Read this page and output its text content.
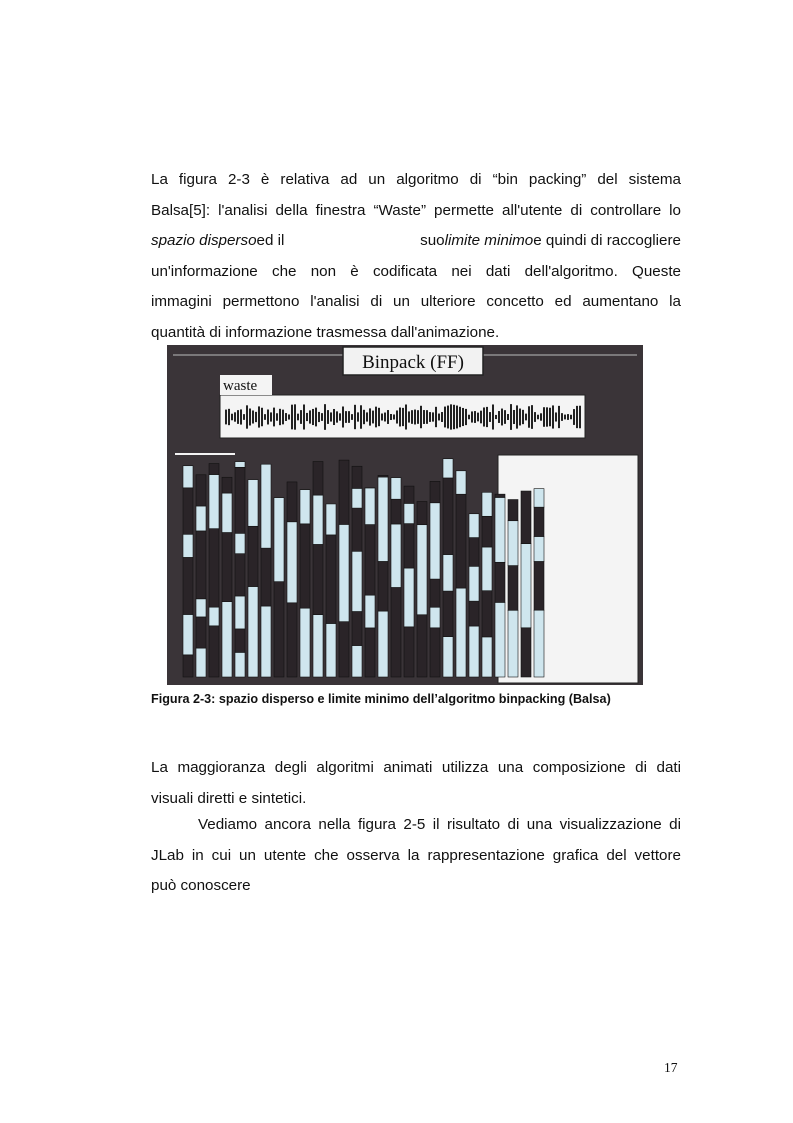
La figura 2-3 è relativa ad un algoritmo di “bin packing” del sistema
Balsa[5]: l'analisi della finestra “Waste” permette all'utente di controllare lo
spazio dispersoed il	suolimite minimoe quindi di raccogliere
un'informazione che non è codificata nei dati dell'algoritmo. Queste
immagini permettono l'analisi di un ulteriore concetto ed aumentano la
quantità di informazione trasmessa dall'animazione.
Binpack (FF)
waste
Figura 2-3: spazio disperso e limite minimo dell’algoritmo binpacking (Balsa)
La maggioranza degli algoritmi animati utilizza una composizione di dati
visuali diretti e sintetici.
Vediamo ancora nella figura 2-5 il risultato di una visualizzazione di
JLab in cui un utente che osserva la rappresentazione grafica del vettore
può conoscere
17
